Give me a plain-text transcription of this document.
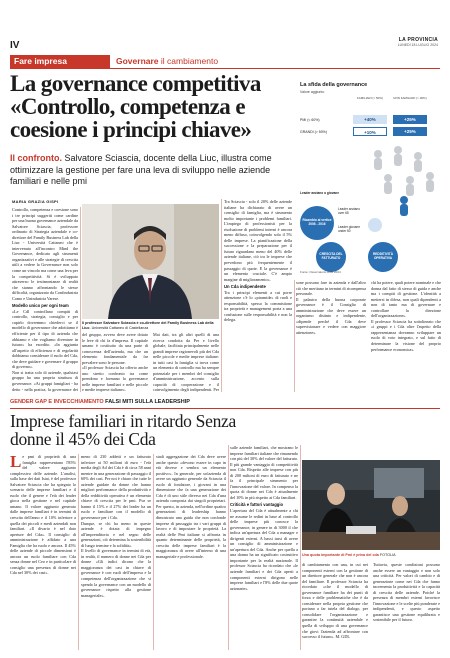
IV	LA PROVINCIA
LUNEDÌ 18 LUGLIO 2024
Fare impresa	Governare il cambiamento
La governance competitiva «Controllo, competenza e coesione i principi chiave»
Il confronto. Salvatore Sciascia, docente della Liuc, illustra come ottimizzare la gestione per fare una leva di sviluppo nelle aziende familiari e nelle pmi
La sfida della governance
Valore aggiunto
FAMILIARI (> 50%)	NON FAMILIARI (> 30%)
PMI (< 60%)	+40%	+25%
GRANDI (> 50%)	+10%	+25%
Leader anziano o giovane
Ricambio al vertice 2008 - 2016
Leader anziano over 65
Leader giovane under 50
CRESCITA DEL FATTURATO
REDDITIVITÀ OPERATIVA
Fonte: Osservatorio AUB 2024
MARIA GRAZIA GISPI

Controllo, competenza e coesione sono i tre principi suggeriti come cardine per una buona governance aziendale da Salvatore Sciascia, professore ordinario di Strategia aziendale e co-direttore del Family Business Lab della Liuc - Università Cattaneo che è intervenuto all'incontro Mind the Governance, dedicato agli strumenti organizzativi e alle strategie di crescita utili a vedere la Governance non solo come un vincolo ma come una leva per la competitività. Si è sviluppato attraverso le testimonianze di realtà che stanno affrontando le stesse difficoltà, organizzato da Confindustria Como e Unindustria Varese.

Modello unico per ogni team

«Le Cdl controllano compiti di controllo, strategia, consiglio e per capirlo dovremmo chiederci se il modello di governance che adottiamo è efficiente per il tipo di azienda che abbiamo e che vogliamo diventare in futuro» ha esordito. «In aggiunta all'aspetto di efficienza e di regolarità dobbiamo considerare il ruolo del Cda, che deve guidare e governare il gruppo di governo».

Non si tratta solo di aziende, qualsiasi gruppo ha una propria struttura di governance. «Ai gruppi famigliari - ha detto - nella pratica, la governance dei

Il professor Salvatore Sciascia è co-direttore del Family Business Lab della Liuc. Università Cattaneo di Castellanza

del gruppo, avvero deve avere dotato le leve di chi fa d'impresa. Il capitale umano è costituito da una parte di conoscenza dell'azienda, ma che un elemento fondamentale da far prevalere sono le persone.

«Il professor Sciascia ha offerto anche uno stretto confronto tra come prendono e formano la governance nelle imprese familiari e nelle piccole e medie imprese italiane».

Mai dati, tra gli altri quelli di una ricerca condotta da Per e livello globale, facilitata principalmente nelle grandi imprese ragionevoli più dei Cda nelle piccole e medie imprese italiane: in tutti casi la famiglia si trova come un elemento di controllo ma ha sempre potenziale per i membri del consiglio d'amministrazione, accento sulla capacità di cooperazione e il coinvolgimento degli indipendenti. Per

Tra Sciascia - solo il 20% delle aziende italiane ha dichiarato di avere un consiglio di famiglia, ma è strumento molto importante i problemi familiari. L'impiego di professionisti per la risoluzione di problemi interni è ancora meno diffuso, coinvolgendo solo il 5% delle imprese. La pianificazione della successione e la preparazione per il futuro riguardano meno del 40% delle aziende italiane, ciò tra le imprese che prevedono più frequentemente il passaggio di quote. E la governance è un elemento cruciale. C'è ampio margine di miglioramento».

Un Cda indipendente

Tra i principi elementi a cui porre attenzione c'è lo «piramide» di ruoli e responsabilità, spesso la commistione tra proprietà e management porta a una confusione sulle responsabilità e non la delega.

sone possono fare in azienda e dall'altro ciò che meritano in termini di ricompensa personale.

Il palastro della buona corporate governance è il Consiglio di amministrazione che deve essere un organismo distinto e indipendente, «dipende perché il Cda deve supervisionare e vedere con maggiore attenzione».

chi ha potere, quali potere nominale e che donna dal fatto di stesso di guida e anche ma i compiti di gestione. L'identità a mettersi in difesa, non quali dipendenti a non di tanto ma di governare e controllare la direzione dell'organizzazione».

Il professor Sciascia ha sottolineato che «i gruppi e i Cda oltre l'aspetto della rappresentanza dovranno sviluppare un ruolo di voto integrato, e sul fatto di determinare la visione del proprio performance economica».

GENDER GAP E INVECCHIAMENTO FALSI MITI SULLA LEADERSHIP
Imprese familiari in ritardo Senza donne il 45% dei Cda
Le pmi di proprietà di una famiglia rappresentano l'85% del valore aggiunto complessivo delle aziende. L'analisi, sulla base dei dati Istat, è del professor Salvatore Sciascia che ha spiegato lo scenario delle imprese familiari e il ruolo che il genere e l'età dei leader gioca nella gestione e nel capitale umano. Il valore aggiunto generato dalle imprese familiari è in termini di crescita dell'anno e il 10% inferiore a quella dei piccoli e medi aziendali non familiari. «Il divario è nel dato aperture del Cda». Il consiglio di amministrazione è affidato a una Famiglia che ha ruolo e ancora. Il 45% delle aziende di piccole dimensioni è ancora un ruolo familiare con Cda senza donne nel Ceo e in particolare di consiglio una presenza di donne nei Cda nel 30% dei casi».

meno di 230 addetti e un fatturato inferiore ai 50 milioni di euro - l'età media degli Ad dei Cda è di circa 58 anni mentre in una generazione di passaggio il 60% dei casi. Per noi è chiaro che tutte le aziende guidate da donne che hanno migliori performance della produttività e della redditività operativa è un elemento chiave di crescita per le pmi. Pur se hanno il 15% e il 27% dei leader ha un ruolo e familiare con il modello di governance per i Cda.

Dunque, se chi ha meno in queste aziende è dotata di impegno all'imprenditoria e nel segno delle generazioni, ciò determina la sostenibilità di lungo termine e la solidità».

Il livello di governance in termini di età, in realtà, il numero di donne nei Cda per donne «Gli indici dicono che la maggioranza dei casi in chiave di governance è con ruoli dell'impresa e la competenza dell'organizzazione che si spenda la governance con un modello di governance rispetto alla gestione manageriale».

stadi aggregazione dei Cda deve avere anche questo «devono essere in capo in età diverse e sembra un elemento positivo». In generale, per un'azienda di avere un aggiunto generale da Sciascia il ruolo di fondatore, i giovani in una dimensione che fa una generazione dei Cda è di uno stile diverso nei Cda d'una azienda composta dai singoli proprietari. Per questo, in azienda, nell'ordine quattro generazioni di leadership hanno dimostrato una guida che non confonde imprese di passaggio tra i vari gruppi di lavoro e di impostare le proprietà. La realtà delle Pmi italiane si affronta in quanto determinante delle proprietà, la crescita delle imprese familiari è la maggioranza di avere all'interno di una manageriale e professionale.

sulle aziende familiari, che mostrano le imprese familiari italiane che rimanendo con più del 30% del valore del fatturato. Il più grande vantaggio di competitività non Cda. Rispetto alle imprese con più di 200 milioni di euro di fatturato e ne fa il principale strumento per l'innovazione del valore. In compenso la quota di donne nei Cda è attualmente del 10% in più rispetto ai Cda familiari.

Criticità e fattori vantaggio

L'apertura del Cda è attualmente a chi ne assume le redini in base al controllo delle imprese più conosce la governance, in genere in di 3000 il che indica un'apertura del Cda a manager e dirigenti esterni. A bassi tassi di avere un consiglio di amministrazione e un'apertura del Cda. Anche per quella a una donna ha un significato costruttivo importante per la realtà nazionale. Il professor Sciascia ha ricordato che «le aziende familiari e dei Cda aperti a componenti esterni dirigono nelle imprese familiari e l'8% delle due quote azionarie».

Una quota importante di Pmi è priva del cda FOTOLIA

di cambiamento con una, in cui nei componenti esterni con la gestione di un direttore generale che non è ancora del familiare. Il professor Sciascia ha ricordato «che il modello di governance familiare ha dei punti di forza e delle problematiche che è da considerare nella propria gestione che portano a far tutela del dialogo, per consolidare l'organizzazione e garantire la continuità aziendale e quella di sviluppo di una governance che giovi l'azienda ad affrontare con successo il futuro». M. GDL

Tuttavia, queste condizioni possono anche essere un vantaggio e non solo una criticità. Per valori di cambio e di generazione come nei Cda che fanno incrementa la produttività e la capacità di crescita delle aziende. Poiché la presenza di membri esterni favorisce l'innovazione e le scelte più ponderate e indipendenti, e questo aspetto garantisce una gestione equilibrata e sostenibile per il futuro.
